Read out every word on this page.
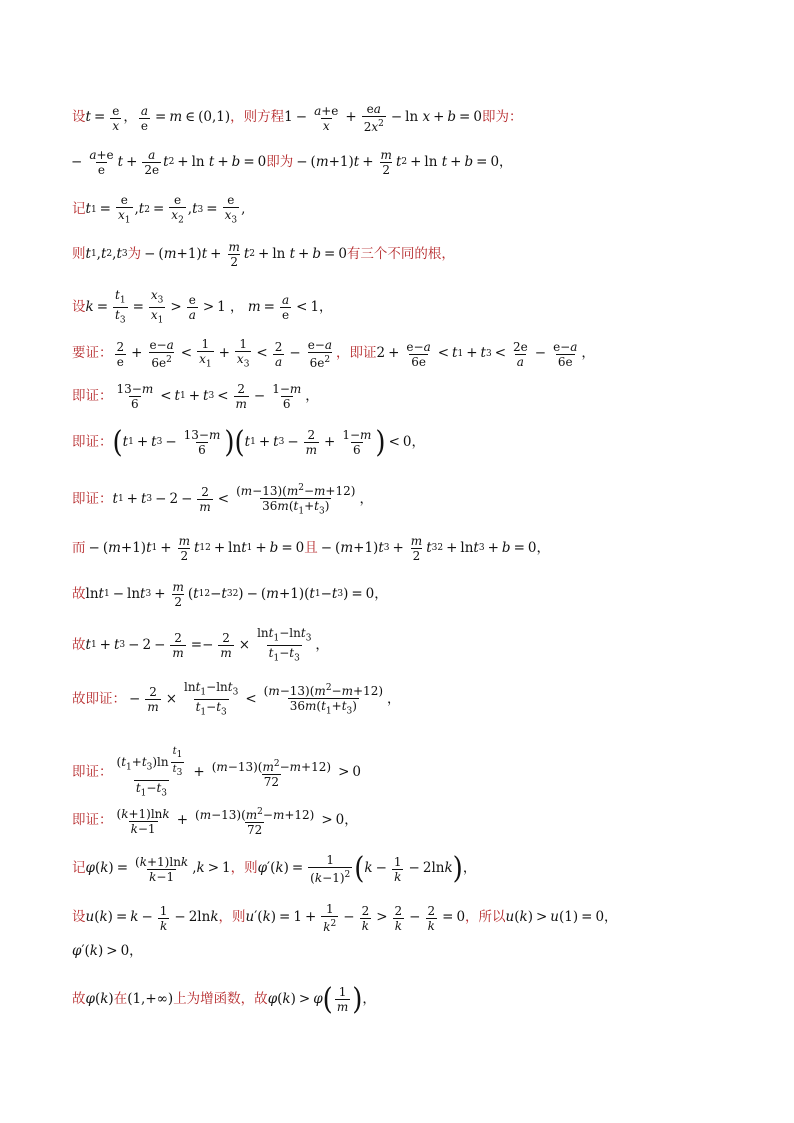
设 $t = \frac{e}{x}$ ， $\frac{a}{e} = m$ ∈ (0,1) ，则方程 $1 - \frac{a+e}{x} + \frac{ea}{2x^2} - \ln x + b = 0$ 即为：
− $\frac{a+e}{e}$ $t + \frac{a}{2e}$ t 2 + ln t + b = 0 即为 − ( m +1) $t + \frac{m}{2}$ t 2 + ln t + b = 0 ，
记 t $1 = \frac{e}{x_1}$ , t $2 = \frac{e}{x_2}$ , t $3 = \frac{e}{x_3}$ ,
则 t 1 , t 2 , t 3 为 − ( m +1) $t + \frac{m}{2}$ t 2 + ln t + b = 0 有三个不同的根，
设 $k = \frac{t_1}{t_3} = \frac{x_3}{x_1} > \frac{e}{a} > 1$ ， $m = \frac{a}{e} < 1$ ，
要证： $\frac{2}{e} + \frac{e-a}{6e^2} < \frac{1}{x_1} + \frac{1}{x_3} < \frac{2}{a} - \frac{e-a}{6e^2}$ ，即证 $2 + \frac{e-a}{6e} < t$ 1 + t $3 < \frac{2e}{a} - \frac{e-a}{6e}$ ，
即证： $\frac{13-m}{6} < t$ 1 + t $3 < \frac{2}{m} - \frac{1-m}{6}$ ，
即证： ( t 1 + t $3 - \frac{13-m}{6}$ ) ( t 1 + t $3 - \frac{2}{m} + \frac{1-m}{6}$ ) < 0 ，
即证： t 1 + t $3 - 2 - \frac{2}{m} < \frac{(m-13)(m^2-m+12)}{36m(t_1+t_3)}$ ，
而 − ( m +1) t $1 + \frac{m}{2}$ t 1 2 + ln t 1 + b = 0 且 − ( m +1) t $3 + \frac{m}{2}$ t 3 2 + ln t 3 + b = 0 ，
故 ln t 1 − ln t $3 + \frac{m}{2}$ ( t 1 2 − t 3 2 ) − ( m +1)( t 1 − t 3 ) = 0 ，
故 t 1 + t $3 - 2 - \frac{2}{m} =- \frac{2}{m} \times \frac{\ln t_1-\ln t_3}{t_1-t_3}$ ，
故即证： − $\frac{2}{m} \times \frac{\ln t_1-\ln t_3}{t_1-t_3} < \frac{(m-13)(m^2-m+12)}{36m(t_1+t_3)}$ ，
即证： $\frac{(t_1+t_3)\ln \frac{t_1}{t_3}}{t_1-t_3} + \frac{(m-13)(m^2-m+12)}{72} > 0$
即证： $\frac{(k+1)\ln k}{k-1} + \frac{(m-13)(m^2-m+12)}{72} > 0$ ，
记 φ ( k ) = $\frac{(k+1)\ln k}{k-1}$ , k > 1 ，则 φ ′( k ) = $\frac{1}{(k-1)^2}$ ( $k - \frac{1}{k} - 2\ln$ k ) ，
设 u ( k ) = $k - \frac{1}{k} - 2\ln$ k ，则 u ′( k ) = $1 + \frac{1}{k^2} - \frac{2}{k} > \frac{2}{k} - \frac{2}{k} = 0$ ，所以 u ( k ) > u (1) = 0 ，
φ ′( k ) > 0 ，
故 φ ( k ) 在 (1,+∞) 上为增函数，故 φ ( k ) > φ ( $\frac{1}{m}$ ) ，
